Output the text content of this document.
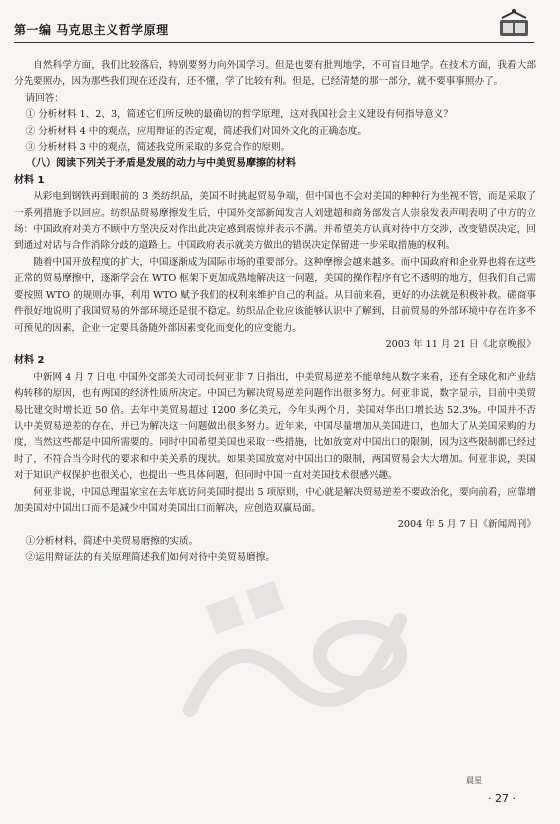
第一编 马克思主义哲学原理

自然科学方面，我们比较落后，特别要努力向外国学习。但是也要有批判地学，不可盲目地学。在技术方面，我看大部分先要照办，因为那些我们现在还没有，还不懂，学了比较有利。但是，已经清楚的那一部分，就不要事事照办了。

请回答：

① 分析材料 1、2、3，简述它们所反映的最确切的哲学原理，这对我国社会主义建设有何指导意义？

② 分析材料 4 中的观点，应用辩证的否定观，简述我们对国外文化的正确态度。

③ 分析材料 3 中的观点，简述我党所采取的多党合作的原则。

（八）阅读下列关于矛盾是发展的动力与中美贸易摩擦的材料

材料 1

从彩电到钢铁再到眼前的 3 类纺织品，美国不时挑起贸易争端，但中国也不会对美国的种种行为坐视不管，而是采取了一系列措施予以回应。纺织品贸易摩擦发生后，中国外交部新闻发言人刘建超和商务部发言人崇泉发表声明表明了中方的立场：中国政府对美方不顾中方坚决反对作出此决定感到震惊并表示不满。并希望美方认真对待中方交涉，改变错误决定，回到通过对话与合作消除分歧的道路上。中国政府表示就美方做出的错误决定保留进一步采取措施的权利。

随着中国开放程度的扩大，中国逐渐成为国际市场的重要部分。这种摩擦会越来越多。而中国政府和企业界也将在这些正常的贸易摩擦中，逐渐学会在 WTO 框架下更加成熟地解决这一问题，美国的操作程序有它不透明的地方，但我们自己需要按照 WTO 的规则办事，利用 WTO 赋予我们的权利来维护自己的利益。从目前来看，更好的办法就是积极补救。磋商事件很好地说明了我国贸易的外部环境还是很不稳定。纺织品企业应该能够认识中了解到，目前贸易的外部环境中存在许多不可预见的因素，企业一定要具备随外部因素变化而变化的应变能力。

2003 年 11 月 21 日《北京晚报》

材料 2

中新网 4 月 7 日电 中国外交部美大司司长何亚非 7 日指出，中美贸易逆差不能单纯从数字来看，还有全球化和产业结构转移的原因，也有两国的经济性质所决定。中国已为解决贸易逆差问题作出很多努力。何亚非说，数字显示，目前中美贸易比建交时增长近 50 倍。去年中美贸易超过 1200 多亿美元，今年头两个月，美国对华出口增长达 52.3%。中国并不否认中美贸易逆差的存在，并已为解决这一问题做出很多努力。近年来，中国尽量增加从美国进口，也加大了从美国采购的力度，当然这些都是中国所需要的。同时中国希望美国也采取一些措施，比如放宽对中国出口的限制，因为这些限制都已经过时了，不符合当今时代的要求和中美关系的现状。如果美国放宽对中国出口的限制，两国贸易会大大增加。何亚非说，美国对于知识产权保护也很关心，也提出一些具体问题，但同时中国一直对美国技术很感兴趣。

何亚非说，中国总理温家宝在去年底访问美国时提出 5 项原则，中心就是解决贸易逆差不要政治化，要向前看，应靠增加美国对中国出口而不是减少中国对美国出口而解决，应创造双赢局面。

2004 年 5 月 7 日《新闻周刊》

①分析材料，简述中美贸易磨擦的实质。

②运用辩证法的有关原理简述我们如何对待中美贸易磨擦。

晨星
· 27 ·
